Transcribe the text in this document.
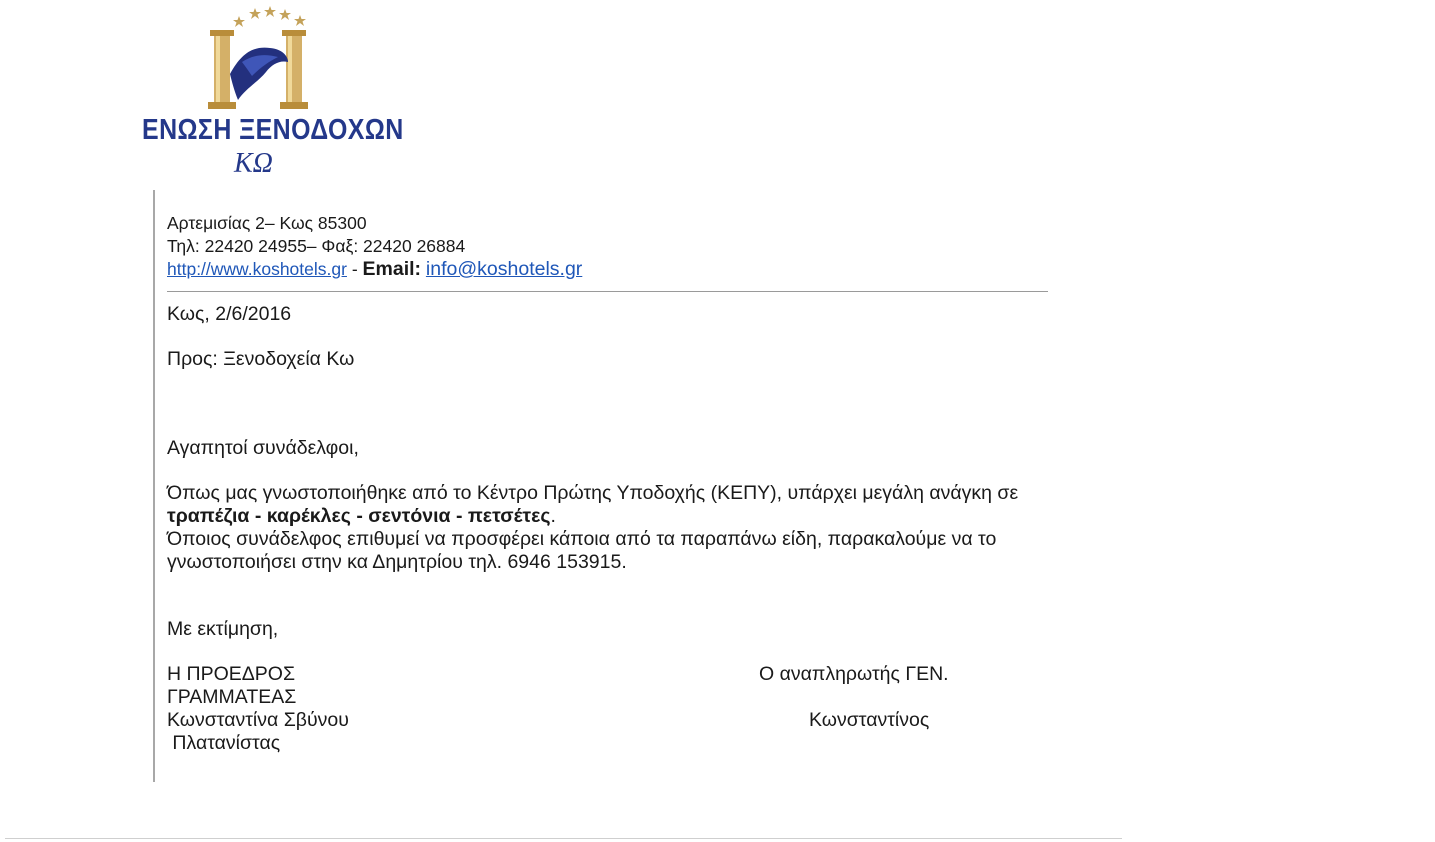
ΕΝΩΣΗ ΞΕΝΟΔΟΧΩΝ
ΚΩ
Αρτεμισίας 2– Κως 85300
Τηλ: 22420 24955– Φαξ: 22420 26884
http://www.koshotels.gr - Email: info@koshotels.gr
Κως, 2/6/2016
Προς: Ξενοδοχεία Κω
Αγαπητοί συνάδελφοι,
Όπως μας γνωστοποιήθηκε από το Κέντρο Πρώτης Υποδοχής (ΚΕΠΥ), υπάρχει μεγάλη ανάγκη σε
τραπέζια - καρέκλες - σεντόνια - πετσέτες.
Όποιος συνάδελφος επιθυμεί να προσφέρει κάποια από τα παραπάνω είδη, παρακαλούμε να το
γνωστοποιήσει στην κα Δημητρίου τηλ. 6946 153915.
Με εκτίμηση,
Η ΠΡΟΕΔΡΟΣ	Ο αναπληρωτής ΓΕΝ.
ΓΡΑΜΜΑΤΕΑΣ
Κωνσταντίνα Σβύνου	Κωνσταντίνος
Πλατανίστας
